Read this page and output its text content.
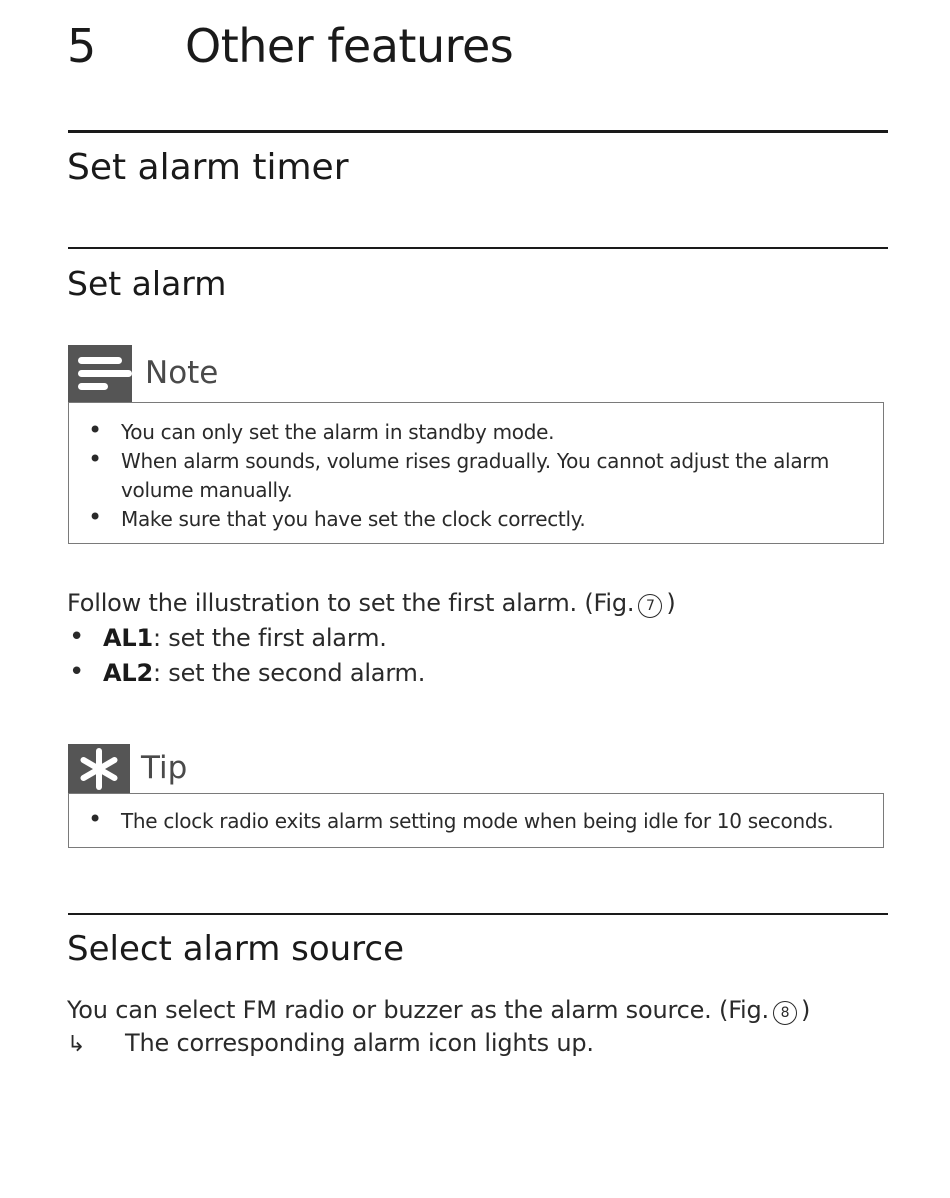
5 Other features
Set alarm timer
Set alarm
Note
• You can only set the alarm in standby mode.
• When alarm sounds, volume rises gradually. You cannot adjust the alarm
volume manually.
• Make sure that you have set the clock correctly.

Follow the illustration to set the first alarm. (Fig. 7 )

• AL1: set the first alarm.
• AL2: set the second alarm.
Tip
• The clock radio exits alarm setting mode when being idle for 10 seconds.
Select alarm source

You can select FM radio or buzzer as the alarm source. (Fig. 8 )

↳ The corresponding alarm icon lights up.
